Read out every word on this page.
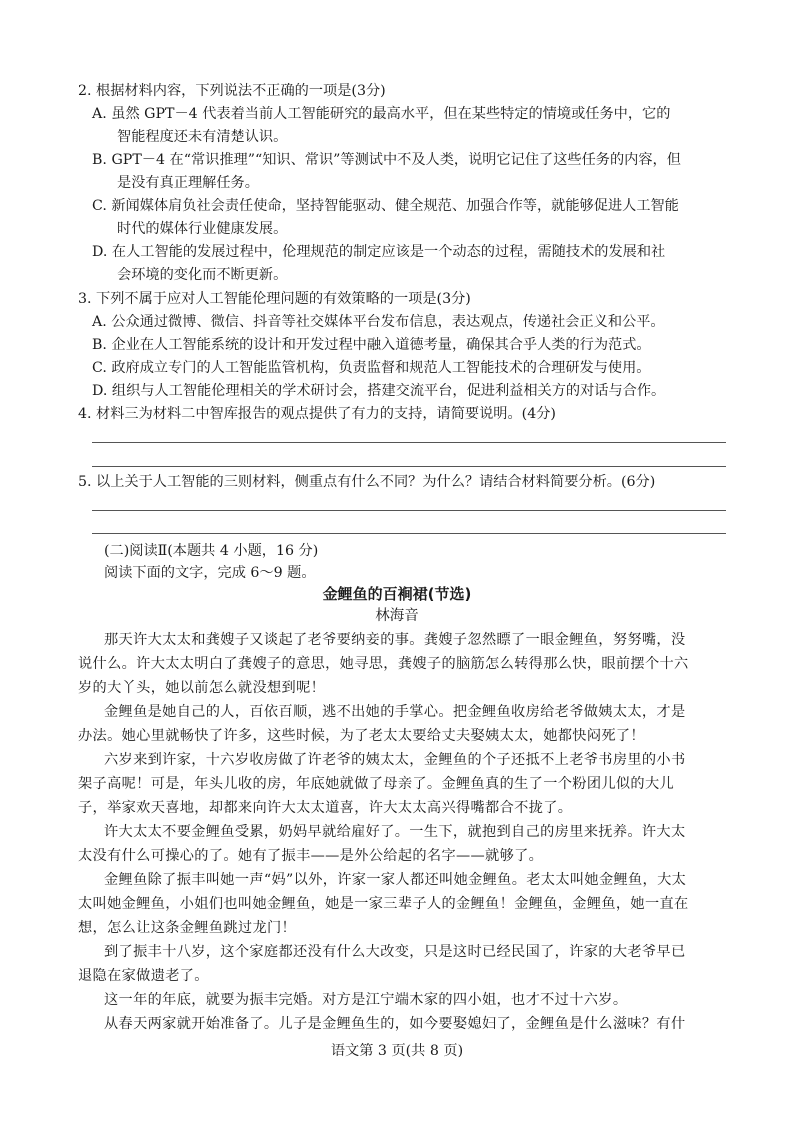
2. 根据材料内容，下列说法不正确的一项是(3分)
A. 虽然 GPT－4 代表着当前人工智能研究的最高水平，但在某些特定的情境或任务中，它的
智能程度还未有清楚认识。
B. GPT－4 在“常识推理”“知识、常识”等测试中不及人类，说明它记住了这些任务的内容，但
是没有真正理解任务。
C. 新闻媒体肩负社会责任使命，坚持智能驱动、健全规范、加强合作等，就能够促进人工智能
时代的媒体行业健康发展。
D. 在人工智能的发展过程中，伦理规范的制定应该是一个动态的过程，需随技术的发展和社
会环境的变化而不断更新。
3. 下列不属于应对人工智能伦理问题的有效策略的一项是(3分)
A. 公众通过微博、微信、抖音等社交媒体平台发布信息，表达观点，传递社会正义和公平。
B. 企业在人工智能系统的设计和开发过程中融入道德考量，确保其合乎人类的行为范式。
C. 政府成立专门的人工智能监管机构，负责监督和规范人工智能技术的合理研发与使用。
D. 组织与人工智能伦理相关的学术研讨会，搭建交流平台，促进利益相关方的对话与合作。
4. 材料三为材料二中智库报告的观点提供了有力的支持，请简要说明。(4分)
5. 以上关于人工智能的三则材料，侧重点有什么不同？为什么？请结合材料简要分析。(6分)
(二)阅读Ⅱ(本题共 4 小题，16 分)
阅读下面的文字，完成 6～9 题。
金鲤鱼的百裥裙(节选)
林海音
那天许大太太和龚嫂子又谈起了老爷要纳妾的事。龚嫂子忽然瞟了一眼金鲤鱼，努努嘴，没
说什么。许大太太明白了龚嫂子的意思，她寻思，龚嫂子的脑筋怎么转得那么快，眼前摆个十六
岁的大丫头，她以前怎么就没想到呢！
金鲤鱼是她自己的人，百依百顺，逃不出她的手掌心。把金鲤鱼收房给老爷做姨太太，才是
办法。她心里就畅快了许多，这些时候，为了老太太要给丈夫娶姨太太，她都快闷死了！
六岁来到许家，十六岁收房做了许老爷的姨太太，金鲤鱼的个子还抵不上老爷书房里的小书
架子高呢！可是，年头儿收的房，年底她就做了母亲了。金鲤鱼真的生了一个粉团儿似的大儿
子，举家欢天喜地，却都来向许大太太道喜，许大太太高兴得嘴都合不拢了。
许大太太不要金鲤鱼受累，奶妈早就给雇好了。一生下，就抱到自己的房里来抚养。许大太
太没有什么可操心的了。她有了振丰——是外公给起的名字——就够了。
金鲤鱼除了振丰叫她一声“妈”以外，许家一家人都还叫她金鲤鱼。老太太叫她金鲤鱼，大太
太叫她金鲤鱼，小姐们也叫她金鲤鱼，她是一家三辈子人的金鲤鱼！金鲤鱼，金鲤鱼，她一直在
想，怎么让这条金鲤鱼跳过龙门！
到了振丰十八岁，这个家庭都还没有什么大改变，只是这时已经民国了，许家的大老爷早已
退隐在家做遗老了。
这一年的年底，就要为振丰完婚。对方是江宁端木家的四小姐，也才不过十六岁。
从春天两家就开始准备了。儿子是金鲤鱼生的，如今要娶媳妇了，金鲤鱼是什么滋味？有什
语文第 3 页(共 8 页)
